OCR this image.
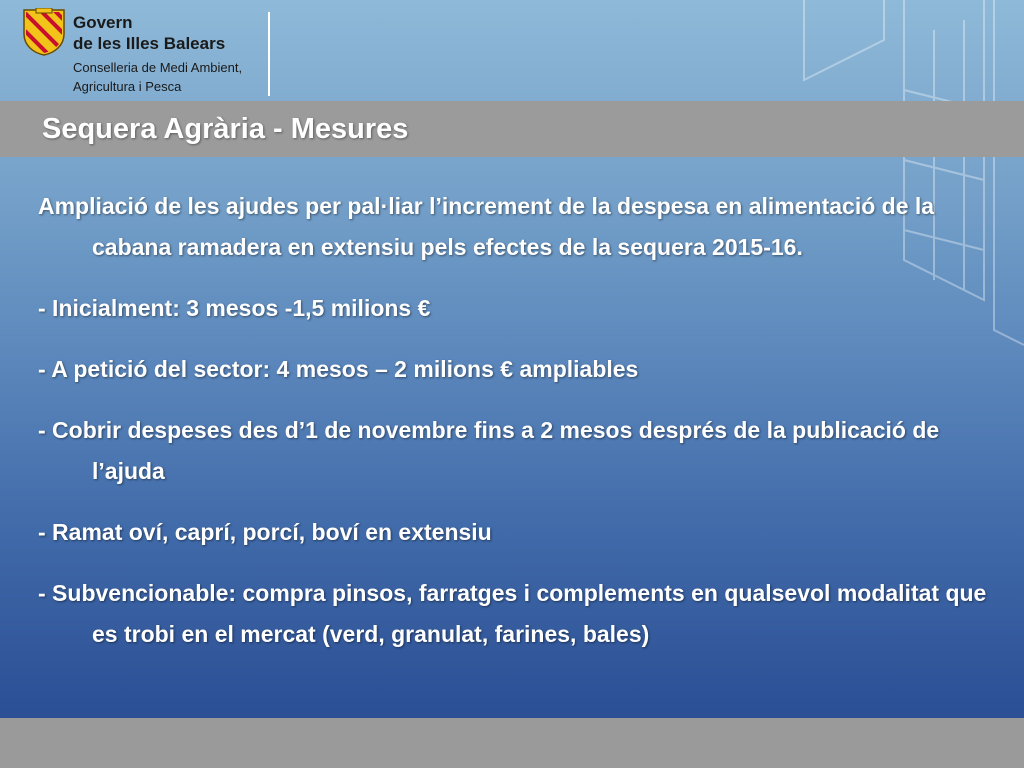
Govern
de les Illes Balears
Conselleria de Medi Ambient,
Agricultura i Pesca
Sequera Agrària - Mesures

Ampliació de les ajudes per pal·liar l’increment de la despesa en alimentació de la cabana ramadera en extensiu pels efectes de la sequera 2015-16.

- Inicialment: 3 mesos -1,5 milions €

- A petició del sector: 4 mesos – 2 milions € ampliables

- Cobrir despeses des d’1 de novembre fins a 2 mesos després de la publicació de l’ajuda

- Ramat oví, caprí, porcí, boví en extensiu

- Subvencionable: compra pinsos, farratges i complements en qualsevol modalitat que es trobi en el mercat (verd, granulat, farines, bales)
